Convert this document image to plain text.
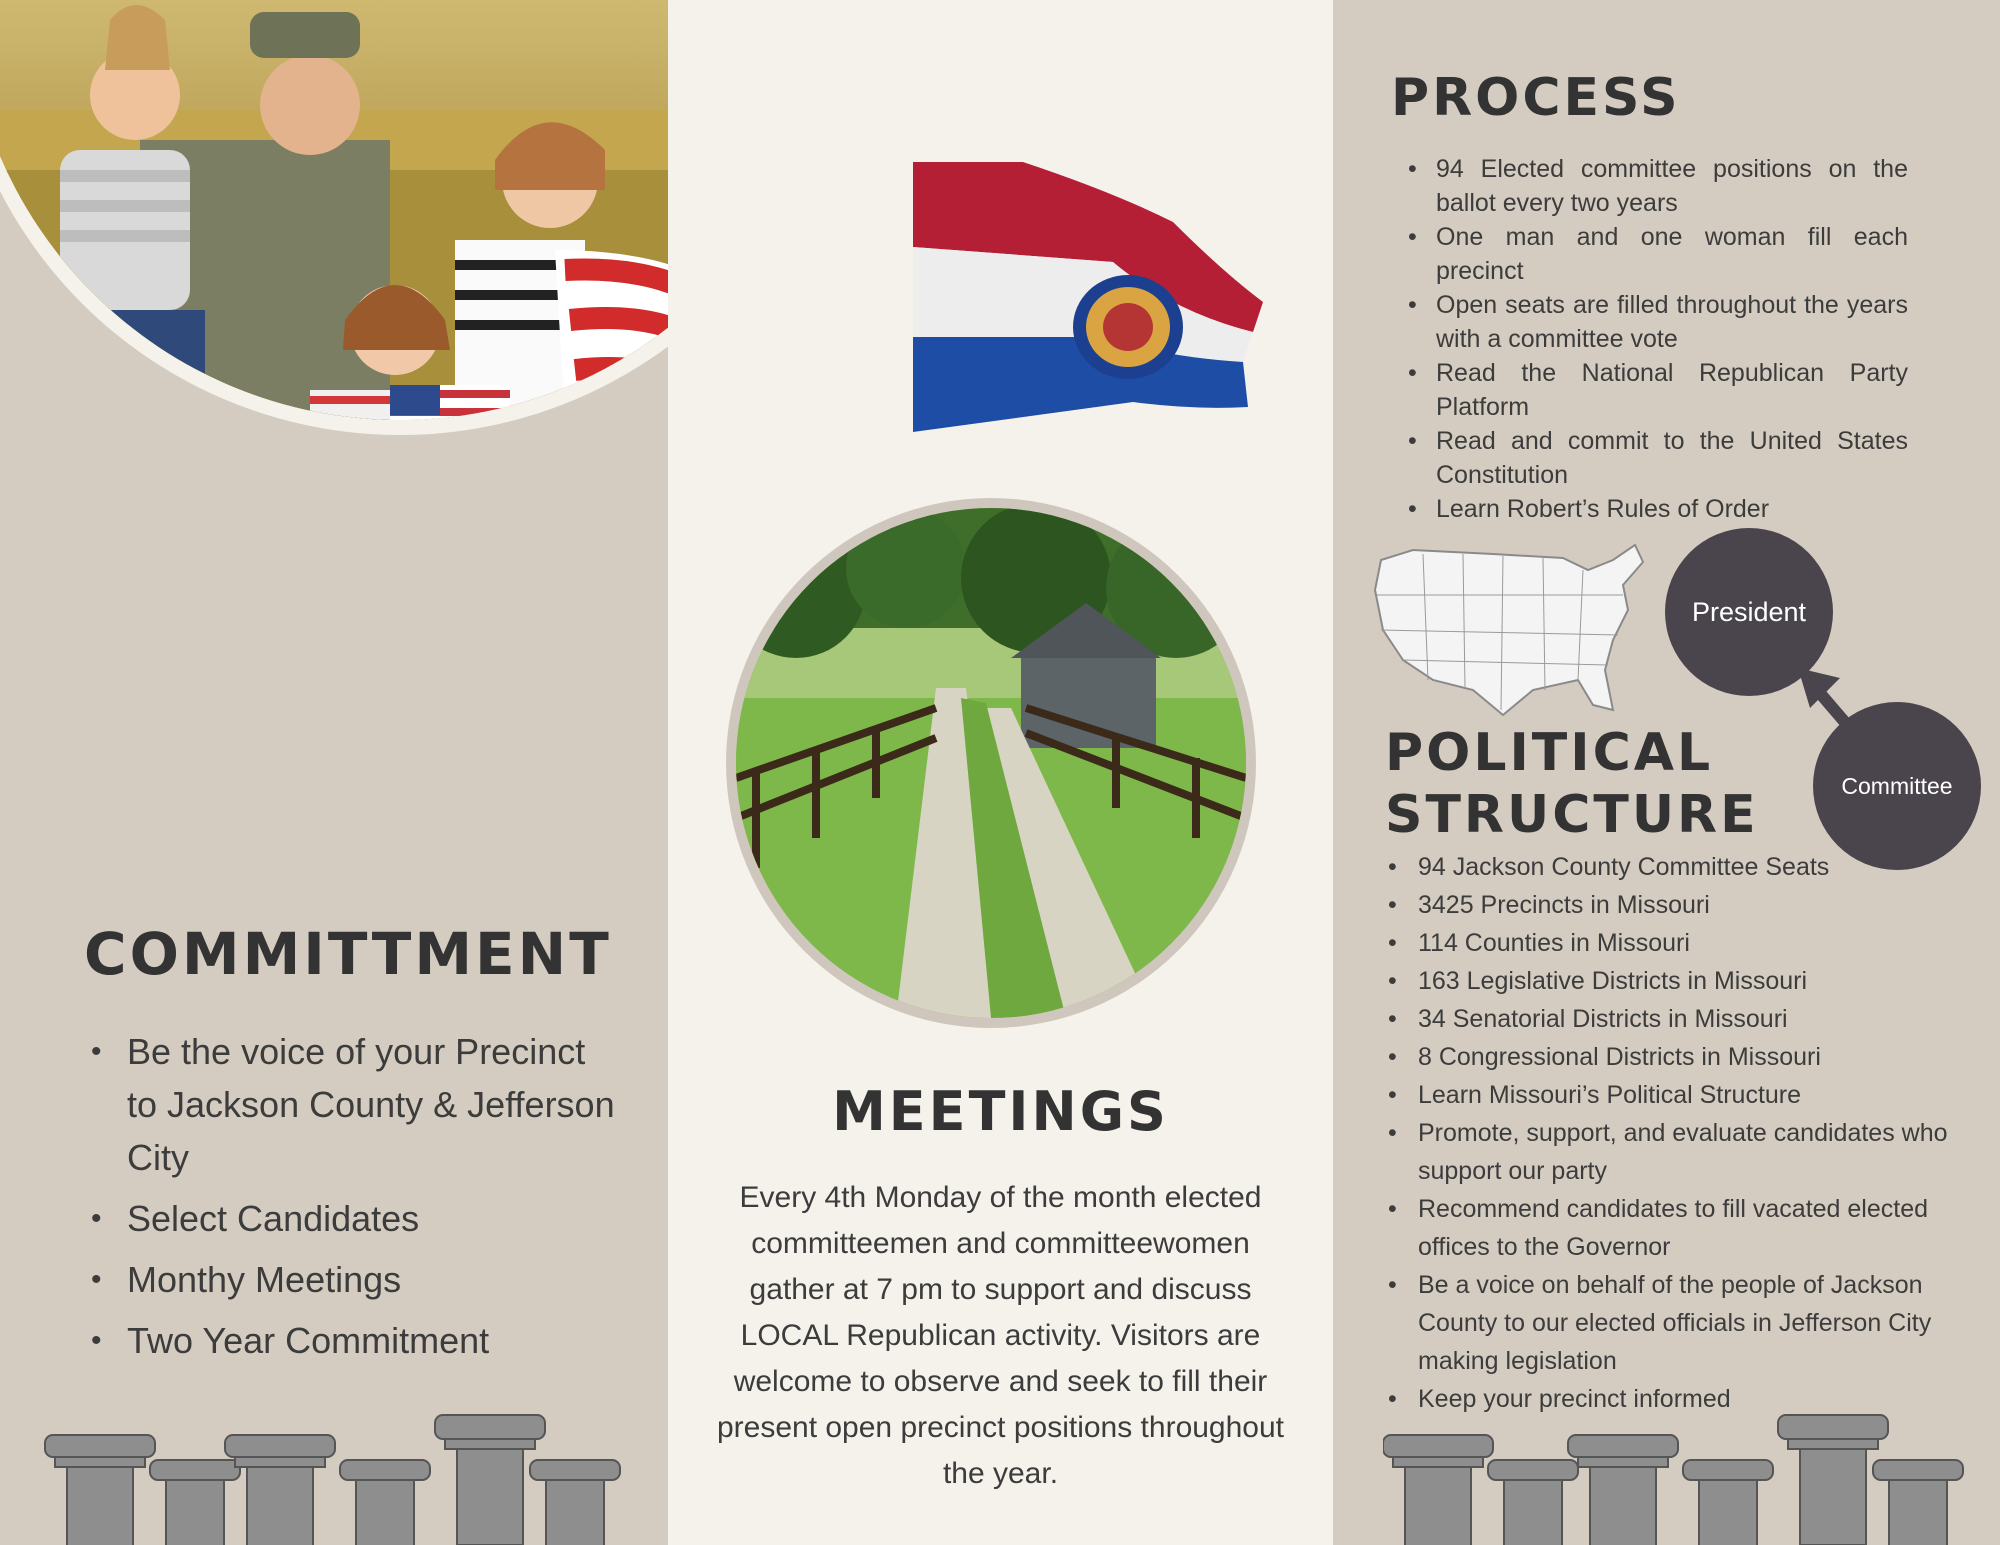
COMMITTMENT
• Be the voice of your Precinct to Jackson County & Jefferson City
• Select Candidates
• Monthy Meetings
• Two Year Commitment
MEETINGS

Every 4th Monday of the month elected committeemen and committeewomen gather at 7 pm to support and discuss LOCAL Republican activity. Visitors are welcome to observe and seek to fill their present open precinct positions throughout the year.

PROCESS
• 94 Elected committee positions on the ballot every two years
• One man and one woman fill each precinct
• Open seats are filled throughout the years with a committee vote
• Read the National Republican Party Platform
• Read and commit to the United States Constitution
• Learn Robert’s Rules of Order
President
Committee
POLITICAL
STRUCTURE
• 94 Jackson County Committee Seats
• 3425 Precincts in Missouri
• 114 Counties in Missouri
• 163 Legislative Districts in Missouri
• 34 Senatorial Districts in Missouri
• 8 Congressional Districts in Missouri
• Learn Missouri’s Political Structure
• Promote, support, and evaluate candidates who support our party
• Recommend candidates to fill vacated elected offices to the Governor
• Be a voice on behalf of the people of Jackson County to our elected officials in Jefferson City making legislation
• Keep your precinct informed
